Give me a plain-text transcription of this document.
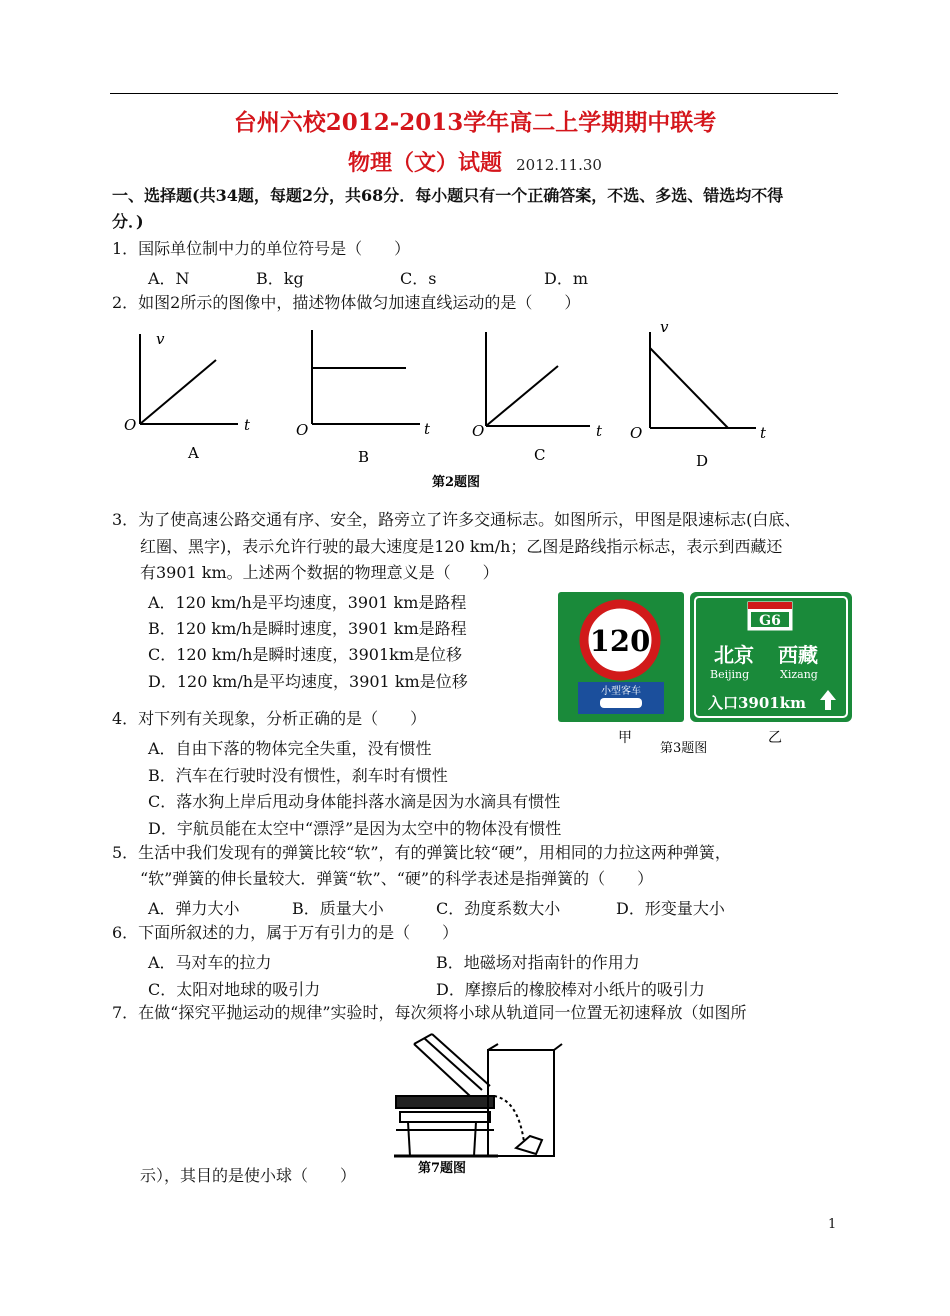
台州六校2012-2013学年高二上学期期中联考
物理（文）试题 2012.11.30
一、选择题(共34题，每题2分，共68分．每小题只有一个正确答案，不选、多选、错选均不得
分．)
1．国际单位制中力的单位符号是（　　）
A．N	B．kg	C．s	D．m
2．如图2所示的图像中，描述物体做匀加速直线运动的是（　　）
v
O	t
A
O	t
B
O	t
C
v
O	t
D
第2题图
3．为了使高速公路交通有序、安全，路旁立了许多交通标志。如图所示，甲图是限速标志(白底、
红圈、黑字)，表示允许行驶的最大速度是120 km/h；乙图是路线指示标志，表示到西藏还
有3901 km。上述两个数据的物理意义是（　　）
A．120 km/h是平均速度，3901 km是路程
B．120 km/h是瞬时速度，3901 km是路程
C．120 km/h是瞬时速度，3901km是位移
D．120 km/h是平均速度，3901 km是位移
120
小型客车
G6
北京 西藏
Beijing	Xizang
入口3901km
甲
第3题图
乙
4．对下列有关现象，分析正确的是（　　）
A．自由下落的物体完全失重，没有惯性
B．汽车在行驶时没有惯性，刹车时有惯性
C．落水狗上岸后甩动身体能抖落水滴是因为水滴具有惯性
D．宇航员能在太空中“漂浮”是因为太空中的物体没有惯性
5．生活中我们发现有的弹簧比较“软”，有的弹簧比较“硬”，用相同的力拉这两种弹簧，
“软”弹簧的伸长量较大．弹簧“软”、“硬”的科学表述是指弹簧的（　　）
A．弹力大小	B．质量大小	C．劲度系数大小	D．形变量大小
6．下面所叙述的力，属于万有引力的是（　　）
A．马对车的拉力	B．地磁场对指南针的作用力
C．太阳对地球的吸引力	D．摩擦后的橡胶棒对小纸片的吸引力
7．在做“探究平抛运动的规律”实验时，每次须将小球从轨道同一位置无初速释放（如图所
第7题图
示），其目的是使小球（　　）
1
